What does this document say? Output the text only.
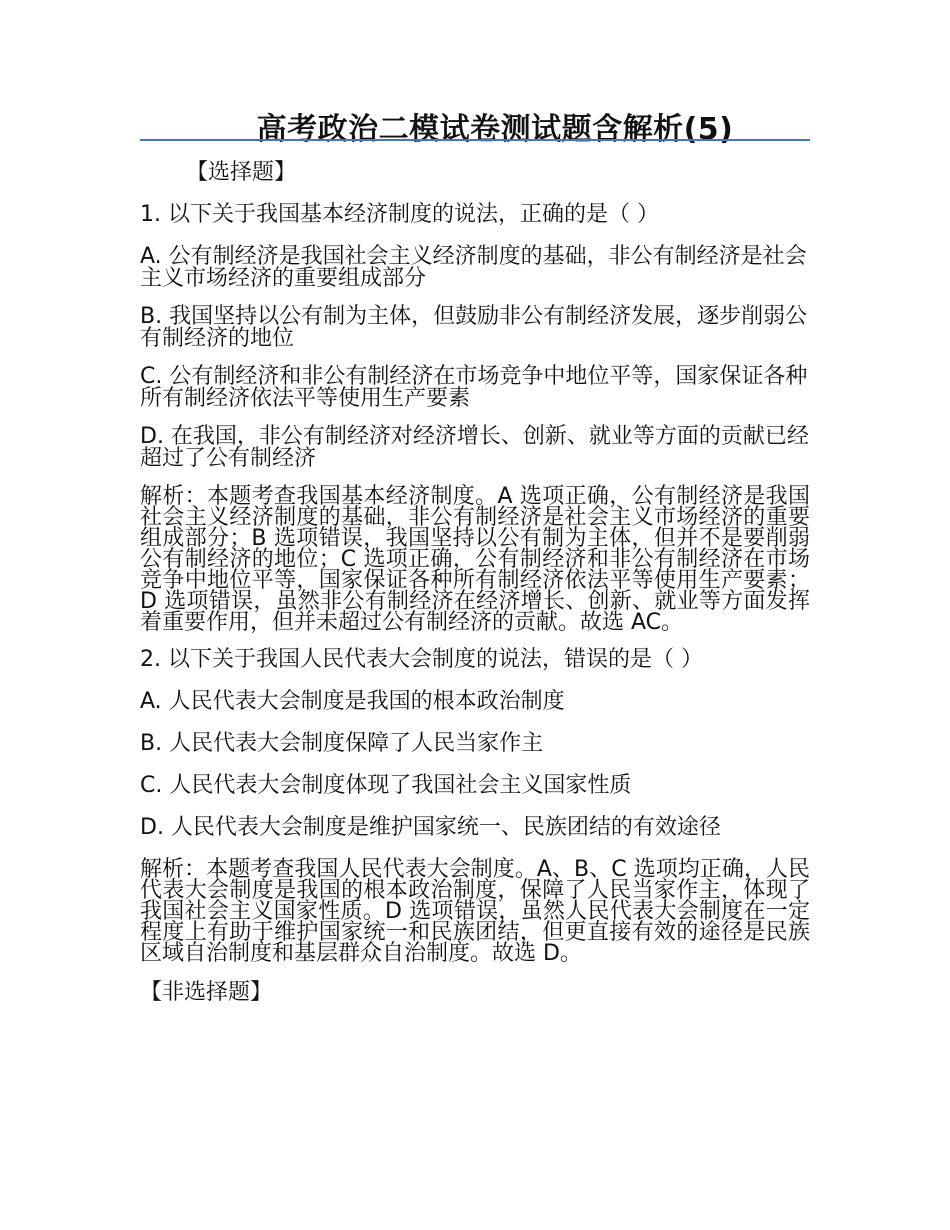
高考政治二模试卷测试题含解析(5)

【选择题】

1. 以下关于我国基本经济制度的说法，正确的是（ ）
A. 公有制经济是我国社会主义经济制度的基础，非公有制经济是社会主义市场经济的重要组成部分
B. 我国坚持以公有制为主体，但鼓励非公有制经济发展，逐步削弱公有制经济的地位
C. 公有制经济和非公有制经济在市场竞争中地位平等，国家保证各种所有制经济依法平等使用生产要素
D. 在我国，非公有制经济对经济增长、创新、就业等方面的贡献已经超过了公有制经济
解析：本题考查我国基本经济制度。A 选项正确，公有制经济是我国社会主义经济制度的基础，非公有制经济是社会主义市场经济的重要组成部分；B 选项错误，我国坚持以公有制为主体，但并不是要削弱公有制经济的地位；C 选项正确，公有制经济和非公有制经济在市场竞争中地位平等，国家保证各种所有制经济依法平等使用生产要素；D 选项错误，虽然非公有制经济在经济增长、创新、就业等方面发挥着重要作用，但并未超过公有制经济的贡献。故选 AC。
2. 以下关于我国人民代表大会制度的说法，错误的是（ ）
A. 人民代表大会制度是我国的根本政治制度
B. 人民代表大会制度保障了人民当家作主
C. 人民代表大会制度体现了我国社会主义国家性质
D. 人民代表大会制度是维护国家统一、民族团结的有效途径
解析：本题考查我国人民代表大会制度。A、B、C 选项均正确，人民代表大会制度是我国的根本政治制度，保障了人民当家作主，体现了我国社会主义国家性质。D 选项错误，虽然人民代表大会制度在一定程度上有助于维护国家统一和民族团结，但更直接有效的途径是民族区域自治制度和基层群众自治制度。故选 D。

【非选择题】
